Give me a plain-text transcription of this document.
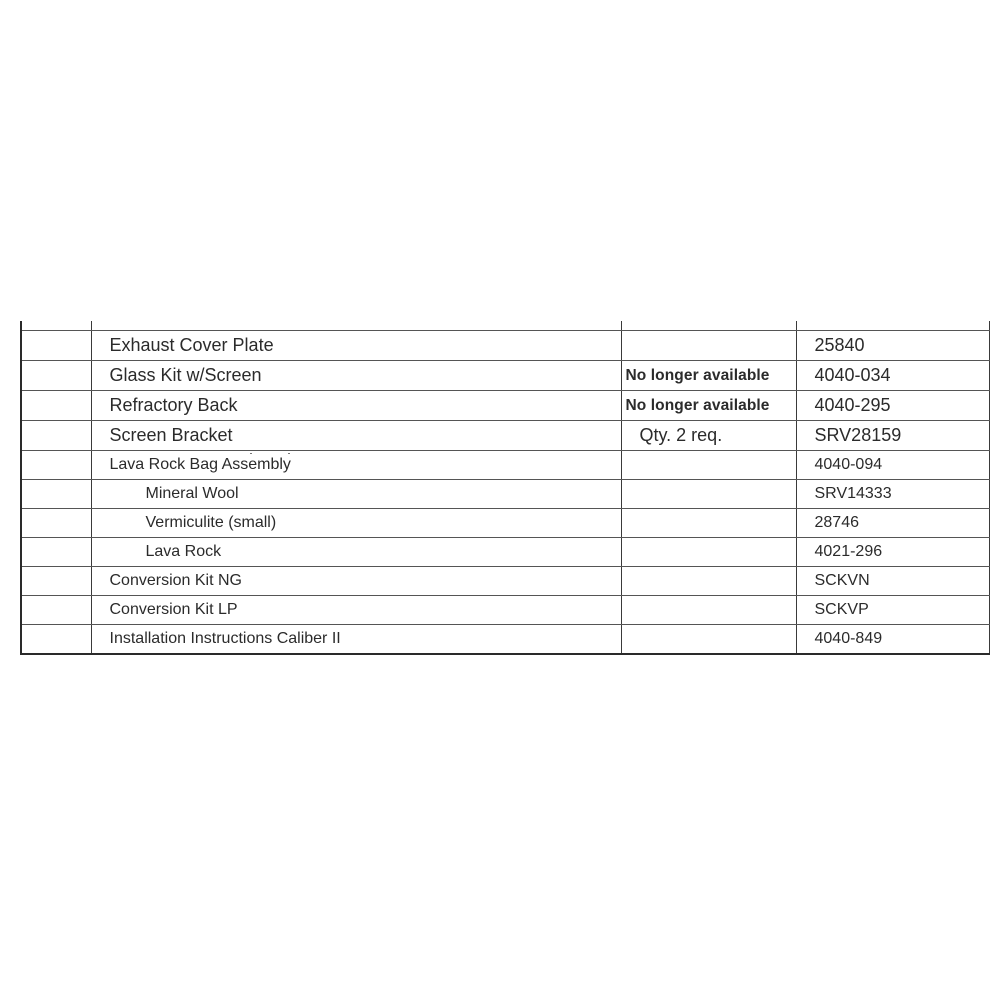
	Exhaust Cover Plate		25840
	Glass Kit w/Screen	No longer available	4040-034
	Refractory Back	No longer available	4040-295
	Screen Bracket	Qty. 2 req.	SRV28159
	Lava Rock Bag Assembly		4040-094
	Mineral Wool		SRV14333
	Vermiculite (small)		28746
	Lava Rock		4021-296
	Conversion Kit NG		SCKVN
	Conversion Kit LP		SCKVP
	Installation Instructions Caliber II		4040-849
